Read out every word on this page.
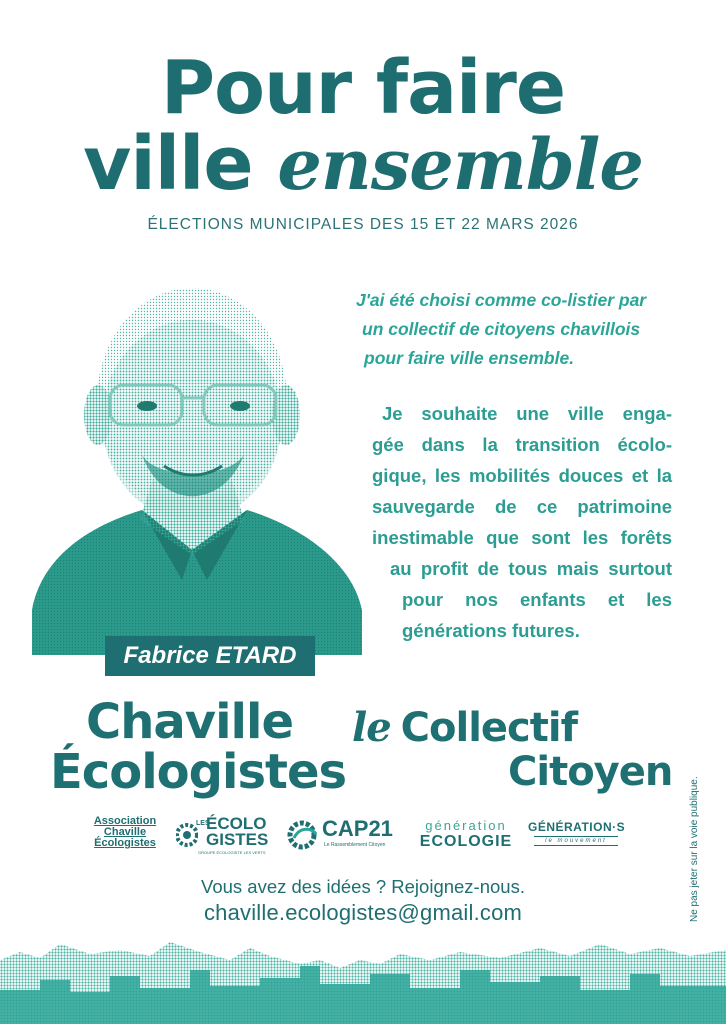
Pour faire
ville ensemble
ÉLECTIONS MUNICIPALES DES 15 ET 22 MARS 2026
Fabrice ETARD
J'ai été choisi comme co-listier par
un collectif de citoyens chavillois
pour faire ville ensemble.
Je souhaite une ville enga-
gée dans la transition écolo-
gique, les mobilités douces et la
sauvegarde de ce patrimoine
inestimable que sont les forêts
au profit de tous mais surtout
pour nos enfants et les
générations futures.
Chaville
Écologistes
le Collectif
Citoyen
Ne pas jeter sur la voie publique.
Association
Chaville
Écologistes
LES
ÉCOLO
GISTES
GROUPE ÉCOLOGISTE LES VERTS
CAP21
Le Rassemblement Citoyen
génération
ECOLOGIE
GÉNÉRATION·S
le mouvement
Vous avez des idées ? Rejoignez-nous.
chaville.ecologistes@gmail.com
